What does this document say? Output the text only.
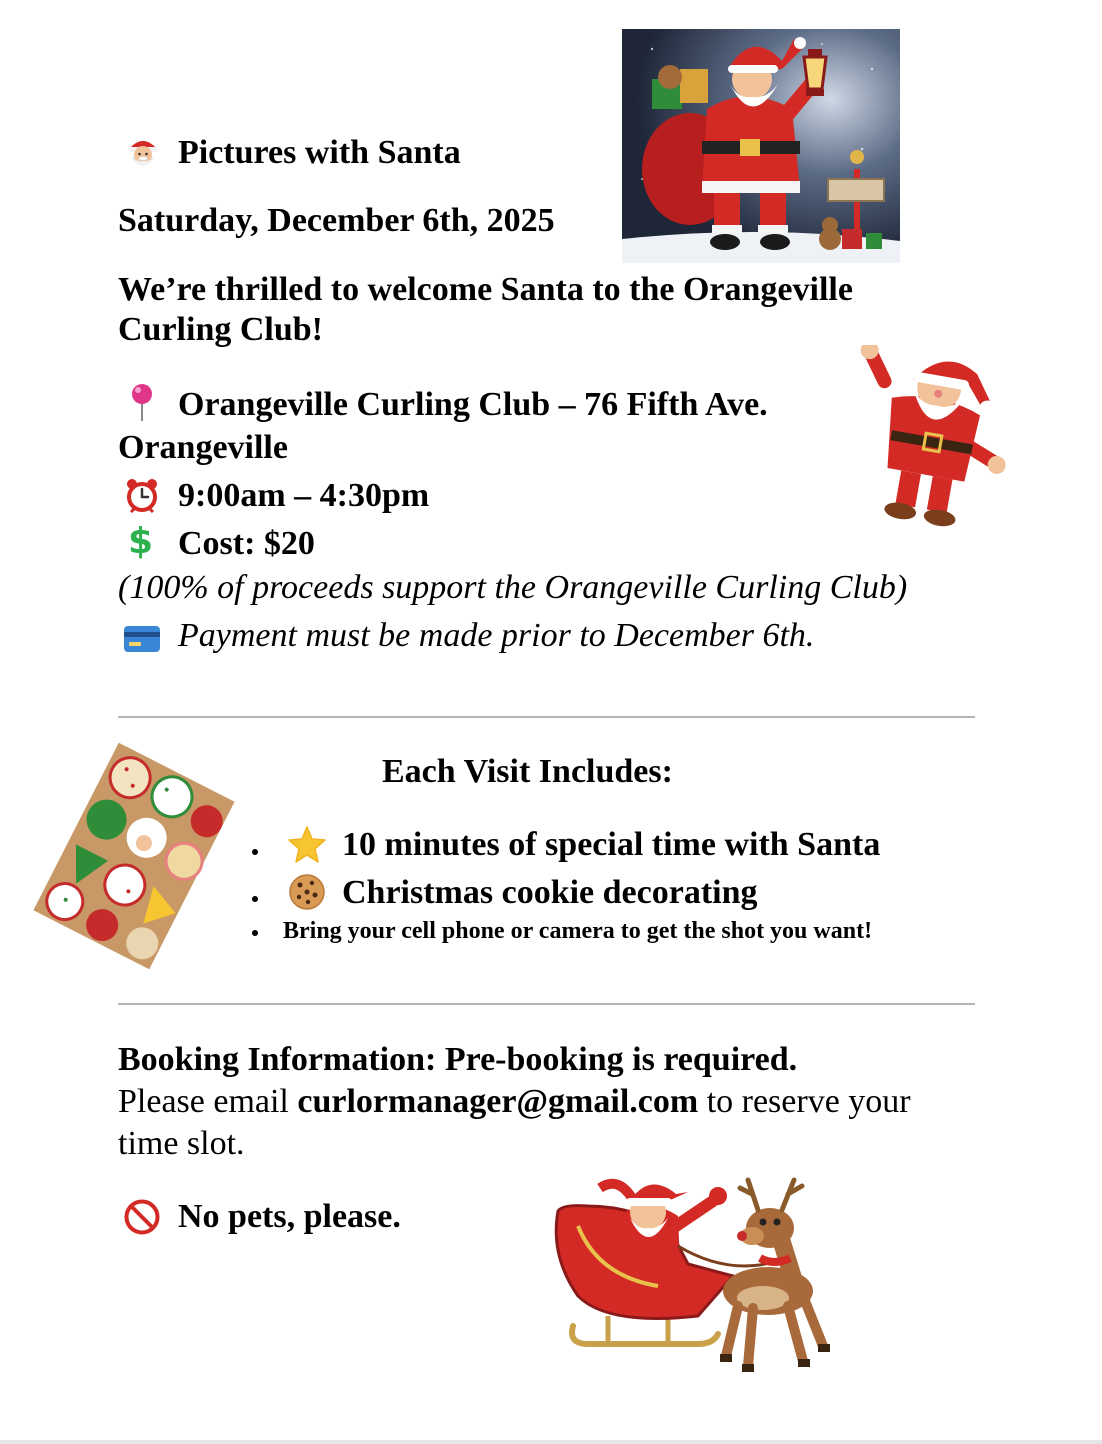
Pictures with Santa
Saturday, December 6th, 2025
We’re thrilled to welcome Santa to the Orangeville Curling Club!
Orangeville Curling Club – 76 Fifth Ave.
Orangeville
9:00am – 4:30pm
$ Cost: $20
(100% of proceeds support the Orangeville Curling Club)
Payment must be made prior to December 6th.
Each Visit Includes:
10 minutes of special time with Santa
Christmas cookie decorating
Bring your cell phone or camera to get the shot you want!
Booking Information: Pre-booking is required.
Please email curlormanager@gmail.com to reserve your
time slot.
No pets, please.
